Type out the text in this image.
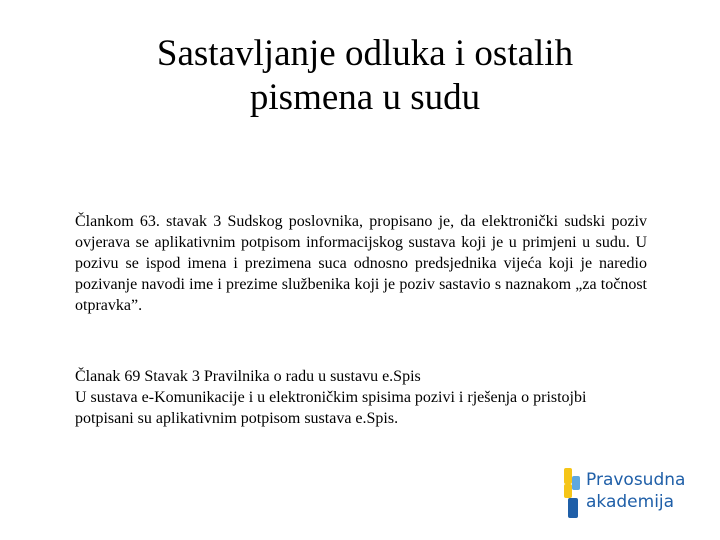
Sastavljanje odluka i ostalih
pismena u sudu

Člankom 63. stavak 3 Sudskog poslovnika, propisano je, da elektronički sudski poziv ovjerava se aplikativnim potpisom informacijskog sustava koji je u primjeni u sudu. U pozivu se ispod imena i prezimena suca odnosno predsjednika vijeća koji je naredio pozivanje navodi ime i prezime službenika koji je poziv sastavio s naznakom „za točnost otpravka”.

Članak 69 Stavak 3 Pravilnika o radu u sustavu e.Spis
U sustava e-Komunikacije i u elektroničkim spisima pozivi i rješenja o pristojbi potpisani su aplikativnim potpisom sustava e.Spis.

Pravosudna
akademija
